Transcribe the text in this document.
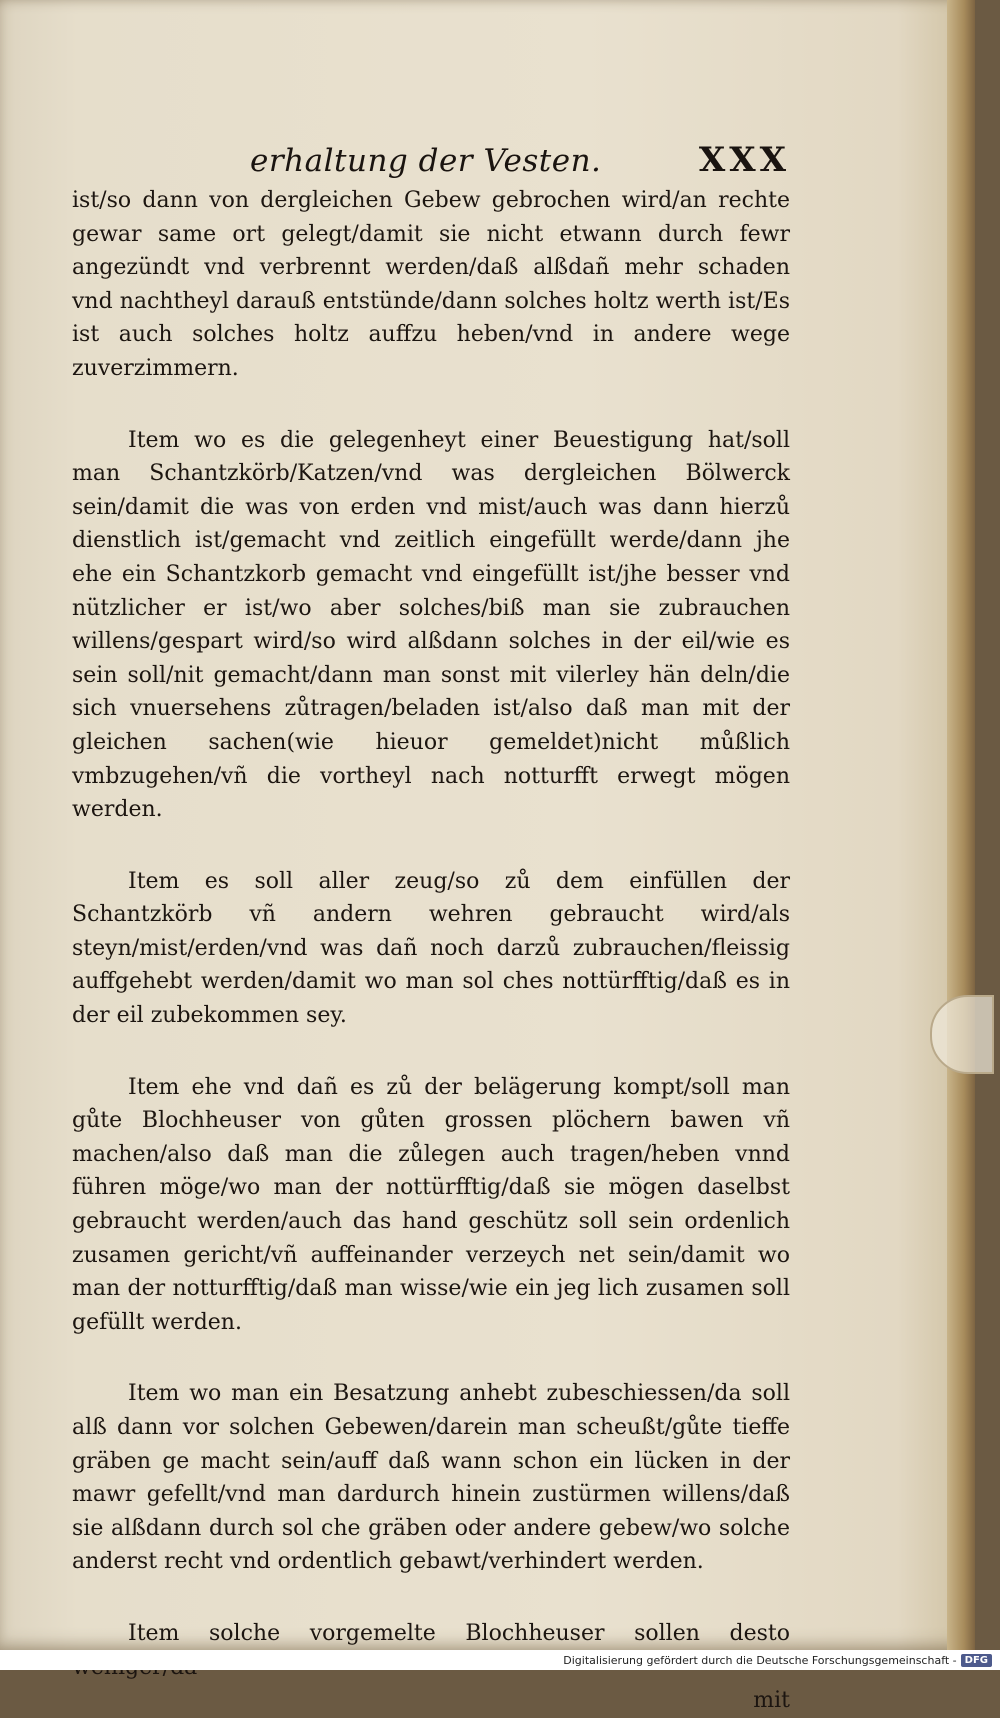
erhaltung der Vesten.	XXX

ist/so dann von dergleichen Gebew gebrochen wird/an rechte gewar same ort gelegt/damit sie nicht etwann durch fewr angezündt vnd verbrennt werden/daß alßdañ mehr schaden vnd nachtheyl darauß entstünde/dann solches holtz werth ist/Es ist auch solches holtz auffzu heben/vnd in andere wege zuverzimmern.

Item wo es die gelegenheyt einer Beuestigung hat/soll man Schantzkörb/Katzen/vnd was dergleichen Bölwerck sein/damit die was von erden vnd mist/auch was dann hierzů dienstlich ist/gemacht vnd zeitlich eingefüllt werde/dann jhe ehe ein Schantzkorb gemacht vnd eingefüllt ist/jhe besser vnd nützlicher er ist/wo aber solches/biß man sie zubrauchen willens/gespart wird/so wird alßdann solches in der eil/wie es sein soll/nit gemacht/dann man sonst mit vilerley hän deln/die sich vnuersehens zůtragen/beladen ist/also daß man mit der gleichen sachen(wie hieuor gemeldet)nicht můßlich vmbzugehen/vñ die vortheyl nach notturfft erwegt mögen werden.

Item es soll aller zeug/so zů dem einfüllen der Schantzkörb vñ andern wehren gebraucht wird/als steyn/mist/erden/vnd was dañ noch darzů zubrauchen/fleissig auffgehebt werden/damit wo man sol ches nottürfftig/daß es in der eil zubekommen sey.

Item ehe vnd dañ es zů der belägerung kompt/soll man gůte Blochheuser von gůten grossen plöchern bawen vñ machen/also daß man die zůlegen auch tragen/heben vnnd führen möge/wo man der nottürfftig/daß sie mögen daselbst gebraucht werden/auch das hand geschütz soll sein ordenlich zusamen gericht/vñ auffeinander verzeych net sein/damit wo man der notturfftig/daß man wisse/wie ein jeg lich zusamen soll gefüllt werden.

Item wo man ein Besatzung anhebt zubeschiessen/da soll alß dann vor solchen Gebewen/darein man scheußt/gůte tieffe gräben ge macht sein/auff daß wann schon ein lücken in der mawr gefellt/vnd man dardurch hinein zustürmen willens/daß sie alßdann durch sol che gräben oder andere gebew/wo solche anderst recht vnd ordentlich gebawt/verhindert werden.

Item solche vorgemelte Blochheuser sollen desto

mit

Digitalisierung gefördert durch die Deutsche Forschungsgemeinschaft - DFG
